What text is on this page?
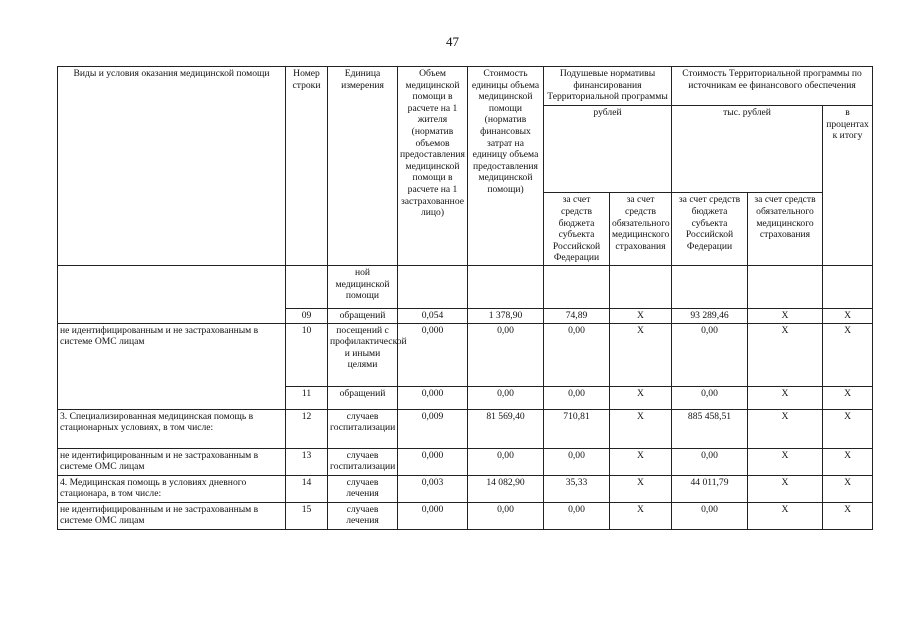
47
Виды и условия оказания медицинской помощи	Номер строки	Единица измерения	Объем медицинской помощи в расчете на 1 жителя (норматив объемов предоставления медицинской помощи в расчете на 1 застрахованное лицо)	Стоимость единицы объема медицинской помощи (норматив финансовых затрат на единицу объема предоставления медицинской помощи)	Подушевые нормативы финансирования Территориальной программы		Стоимость Территориальной программы по источникам ее финансового обеспечения		
					рублей		тыс. рублей		в процентах к итогу
					за счет средств бюджета субъекта Российской Федерации	за счет средств обязательного медицинского страхования	за счет средств бюджета субъекта Российской Федерации	за счет средств обязательного медицинского страхования	
		ной медицинской помощи							
	09	обращений	0,054	1 378,90	74,89	Х	93 289,46	Х	Х
не идентифицированным и не застрахованным в системе ОМС лицам	10	посещений с профилактической и иными целями	0,000	0,00	0,00	Х	0,00	Х	Х
	11	обращений	0,000	0,00	0,00	Х	0,00	Х	Х
3. Специализированная медицинская помощь в стационарных условиях, в том числе:	12	случаев госпитализации	0,009	81 569,40	710,81	Х	885 458,51	Х	Х
не идентифицированным и не застрахованным в системе ОМС лицам	13	случаев госпитализации	0,000	0,00	0,00	Х	0,00	Х	Х
4. Медицинская помощь в условиях дневного стационара, в том числе:	14	случаев лечения	0,003	14 082,90	35,33	Х	44 011,79	Х	Х
не идентифицированным и не застрахованным в системе ОМС лицам	15	случаев лечения	0,000	0,00	0,00	Х	0,00	Х	Х
